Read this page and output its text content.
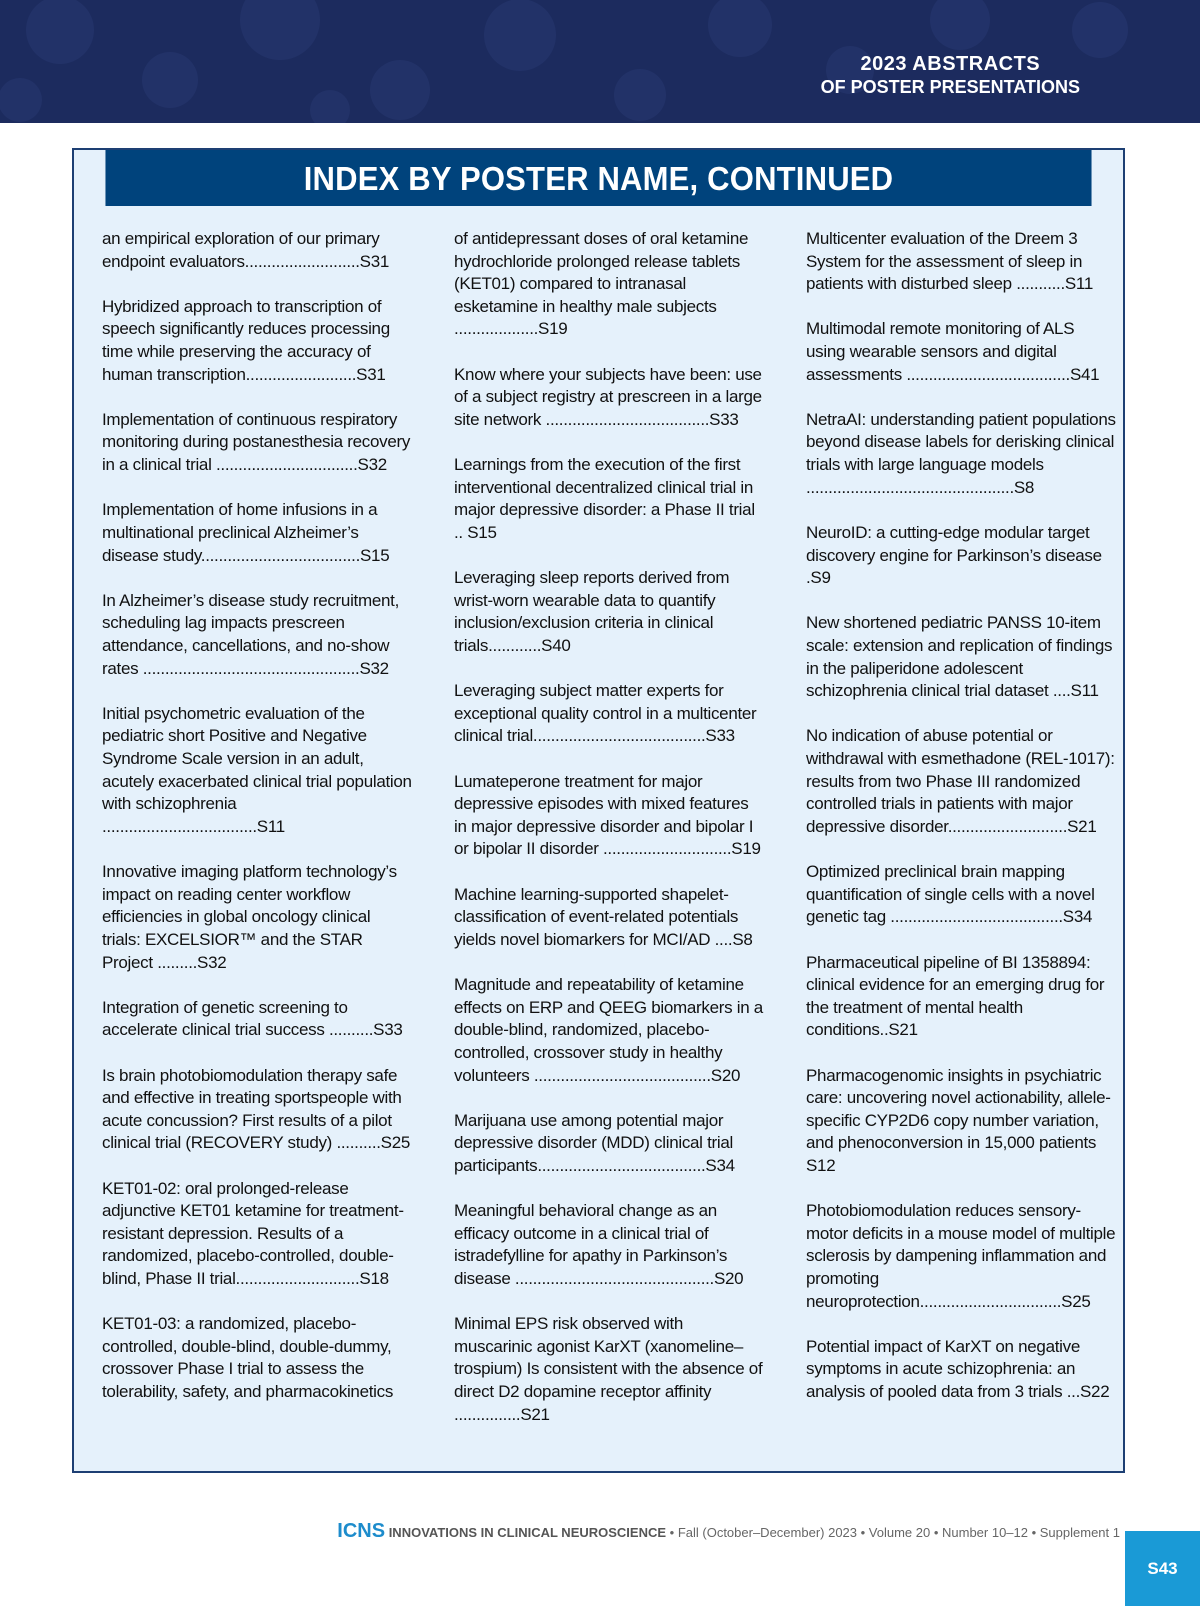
2023 ABSTRACTS
OF POSTER PRESENTATIONS
INDEX BY POSTER NAME, CONTINUED
an empirical exploration of our primary endpoint evaluators..........................S31
Hybridized approach to transcription of speech significantly reduces processing time while preserving the accuracy of human transcription.........................S31
Implementation of continuous respiratory monitoring during postanesthesia recovery in a clinical trial ................................S32
Implementation of home infusions in a multinational preclinical Alzheimer’s disease study....................................S15
In Alzheimer’s disease study recruitment, scheduling lag impacts prescreen attendance, cancellations, and no-show rates .................................................S32
Initial psychometric evaluation of the pediatric short Positive and Negative Syndrome Scale version in an adult, acutely exacerbated clinical trial population with schizophrenia ...................................S11
Innovative imaging platform technology’s impact on reading center workflow efficiencies in global oncology clinical trials: EXCELSIOR™ and the STAR Project .........S32
Integration of genetic screening to accelerate clinical trial success ..........S33
Is brain photobiomodulation therapy safe and effective in treating sportspeople with acute concussion? First results of a pilot clinical trial (RECOVERY study) ..........S25
KET01-02: oral prolonged-release adjunctive KET01 ketamine for treatment-resistant depression. Results of a randomized, placebo-controlled, double-blind, Phase II trial............................S18
KET01-03: a randomized, placebo-controlled, double-blind, double-dummy, crossover Phase I trial to assess the tolerability, safety, and pharmacokinetics
of antidepressant doses of oral ketamine hydrochloride prolonged release tablets (KET01) compared to intranasal esketamine in healthy male subjects ...................S19
Know where your subjects have been: use of a subject registry at prescreen in a large site network .....................................S33
Learnings from the execution of the first interventional decentralized clinical trial in major depressive disorder: a Phase II trial .. S15
Leveraging sleep reports derived from wrist-worn wearable data to quantify inclusion/exclusion criteria in clinical trials............S40
Leveraging subject matter experts for exceptional quality control in a multicenter clinical trial.......................................S33
Lumateperone treatment for major depressive episodes with mixed features in major depressive disorder and bipolar I or bipolar II disorder .............................S19
Machine learning-supported shapelet-classification of event-related potentials yields novel biomarkers for MCI/AD ....S8
Magnitude and repeatability of ketamine effects on ERP and QEEG biomarkers in a double-blind, randomized, placebo-controlled, crossover study in healthy volunteers ........................................S20
Marijuana use among potential major depressive disorder (MDD) clinical trial participants......................................S34
Meaningful behavioral change as an efficacy outcome in a clinical trial of istradefylline for apathy in Parkinson’s disease .............................................S20
Minimal EPS risk observed with muscarinic agonist KarXT (xanomeline–trospium) Is consistent with the absence of direct D2 dopamine receptor affinity ...............S21
Multicenter evaluation of the Dreem 3 System for the assessment of sleep in patients with disturbed sleep ...........S11
Multimodal remote monitoring of ALS using wearable sensors and digital assessments .....................................S41
NetraAI: understanding patient populations beyond disease labels for derisking clinical trials with large language models ...............................................S8
NeuroID: a cutting-edge modular target discovery engine for Parkinson’s disease .S9
New shortened pediatric PANSS 10-item scale: extension and replication of findings in the paliperidone adolescent schizophrenia clinical trial dataset ....S11
No indication of abuse potential or withdrawal with esmethadone (REL-1017): results from two Phase III randomized controlled trials in patients with major depressive disorder...........................S21
Optimized preclinical brain mapping quantification of single cells with a novel genetic tag .......................................S34
Pharmaceutical pipeline of BI 1358894: clinical evidence for an emerging drug for the treatment of mental health conditions..S21
Pharmacogenomic insights in psychiatric care: uncovering novel actionability, allele-specific CYP2D6 copy number variation, and phenoconversion in 15,000 patients S12
Photobiomodulation reduces sensory-motor deficits in a mouse model of multiple sclerosis by dampening inflammation and promoting neuroprotection................................S25
Potential impact of KarXT on negative symptoms in acute schizophrenia: an analysis of pooled data from 3 trials ...S22
ICNS INNOVATIONS IN CLINICAL NEUROSCIENCE • Fall (October–December) 2023 • Volume 20 • Number 10–12 • Supplement 1
S43
